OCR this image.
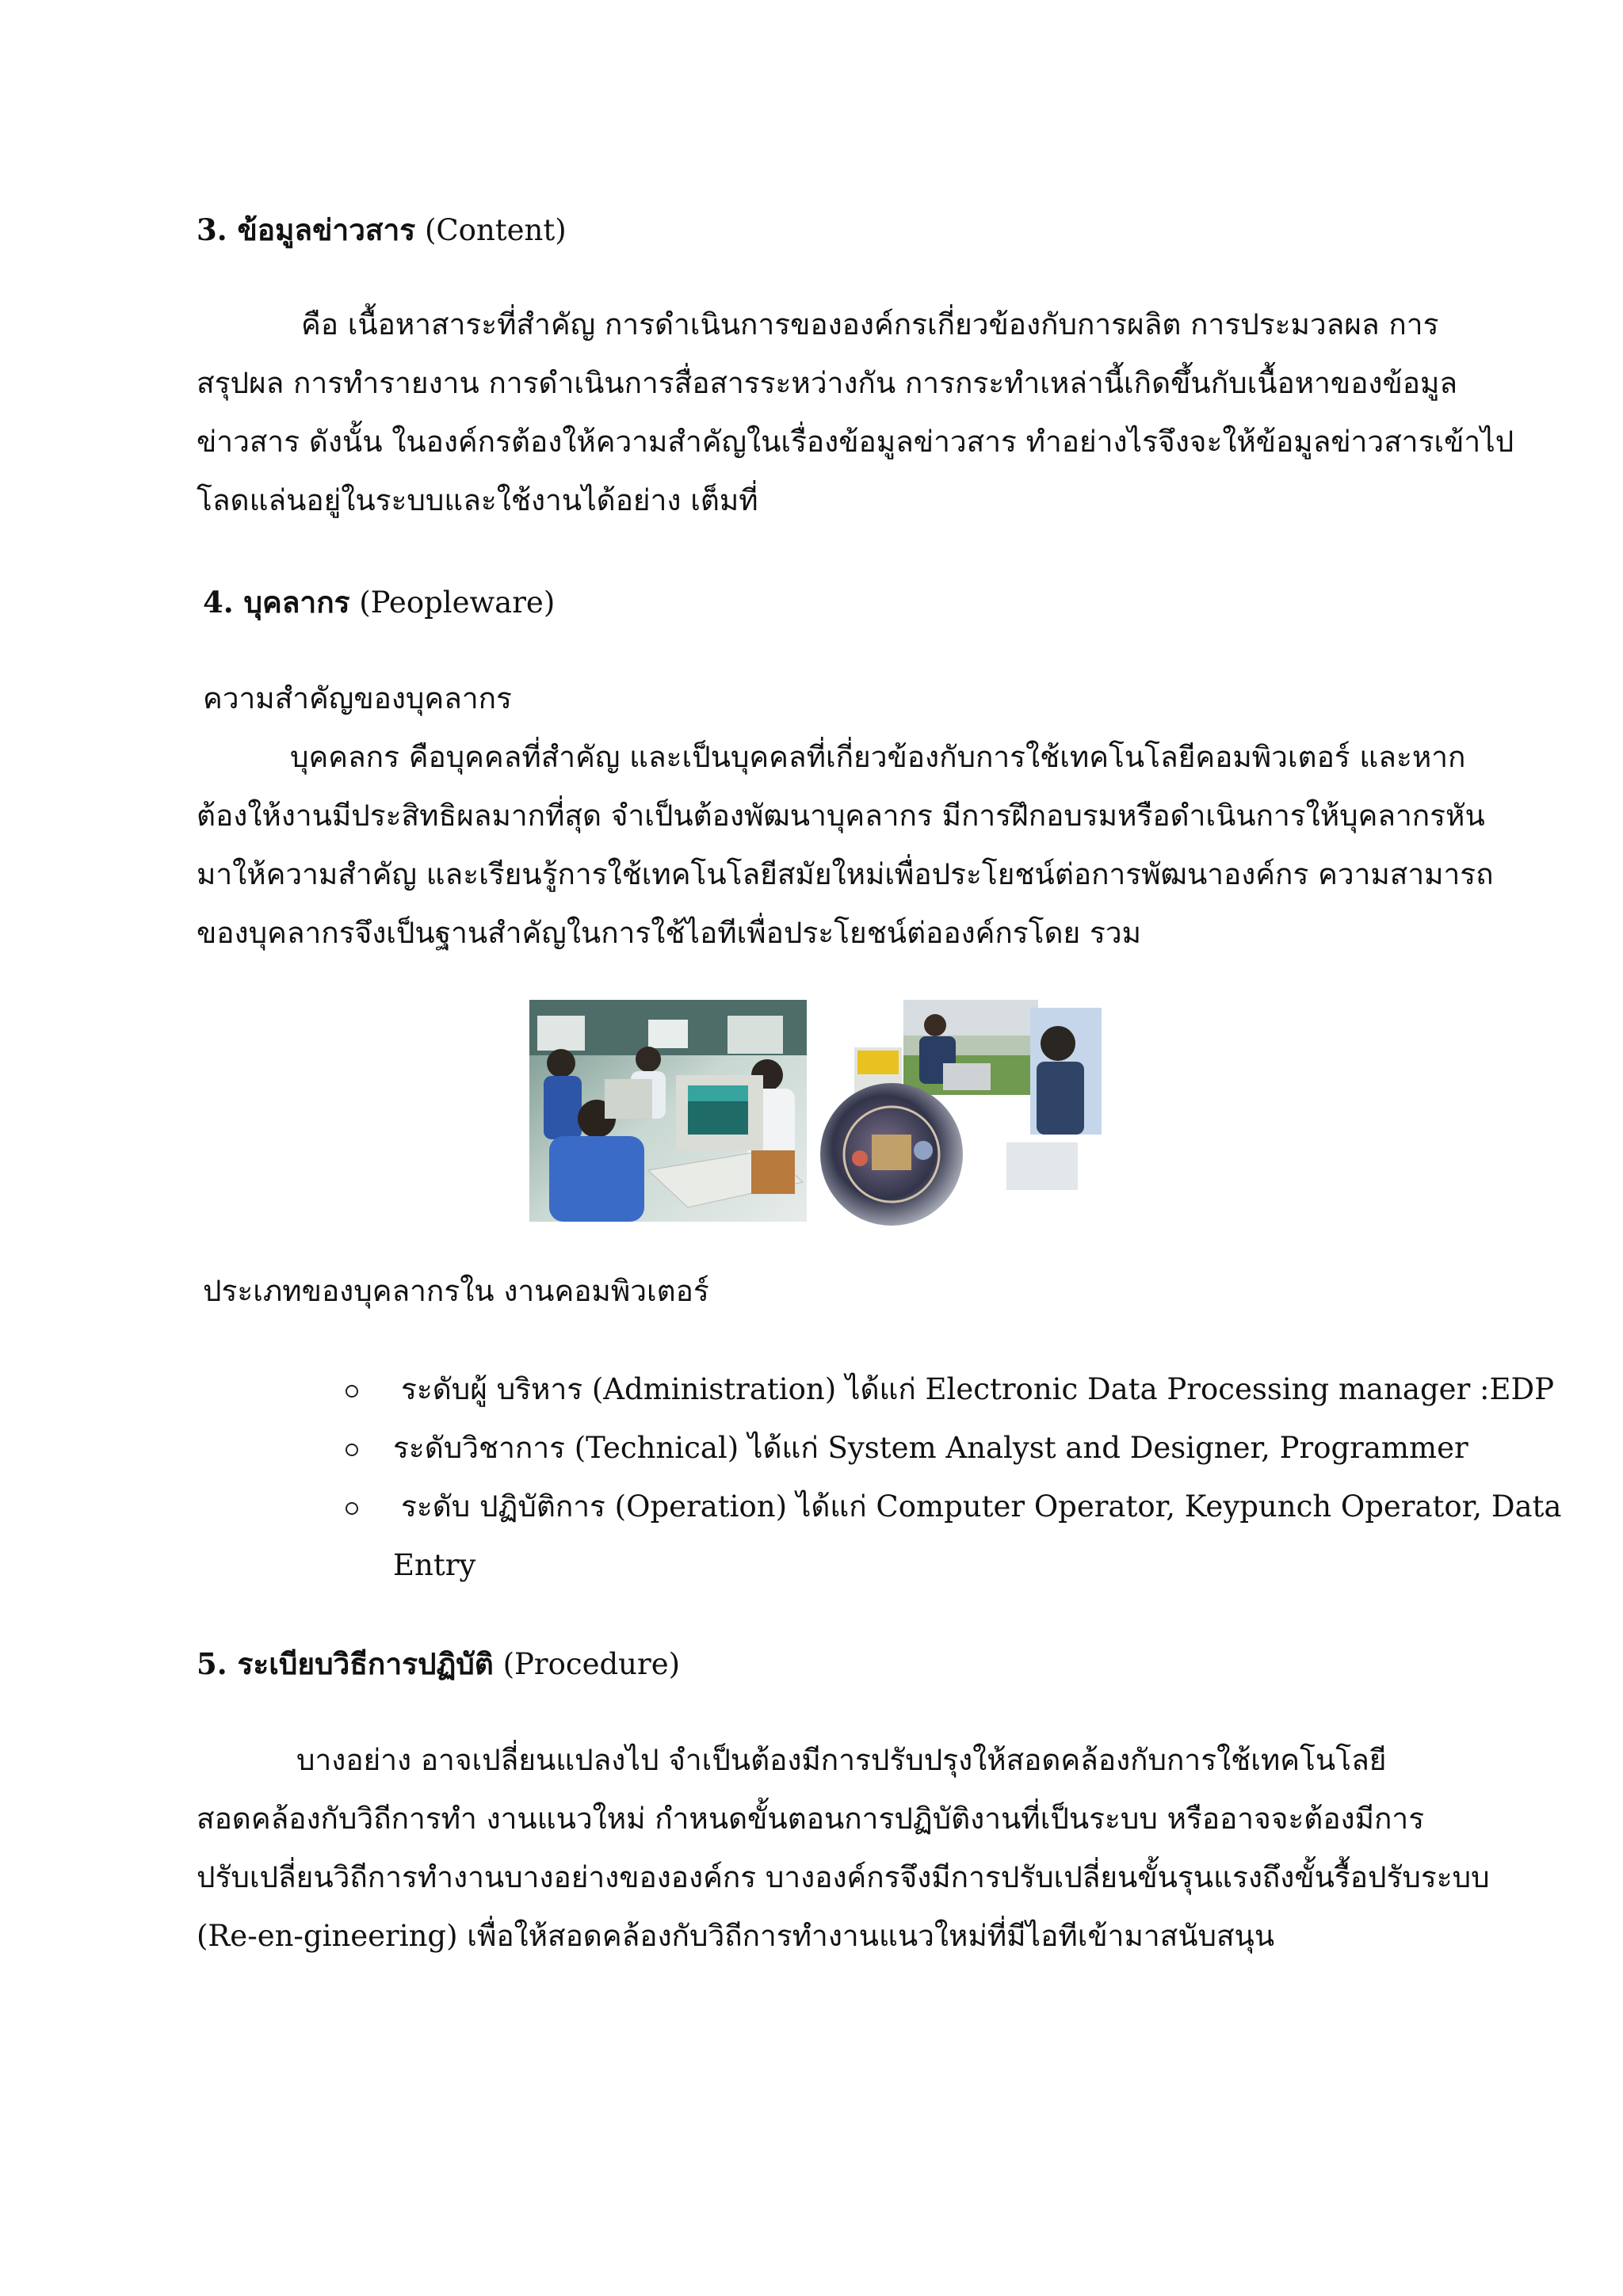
3. ข้อมูลข่าวสาร (Content)
คือ เนื้อหาสาระที่สำคัญ การดำเนินการขององค์กรเกี่ยวข้องกับการผลิต การประมวลผล การ
สรุปผล การทำรายงาน การดำเนินการสื่อสารระหว่างกัน การกระทำเหล่านี้เกิดขึ้นกับเนื้อหาของข้อมูล
ข่าวสาร ดังนั้น ในองค์กรต้องให้ความสำคัญในเรื่องข้อมูลข่าวสาร ทำอย่างไรจึงจะให้ข้อมูลข่าวสารเข้าไป
โลดแล่นอยู่ในระบบและใช้งานได้อย่าง เต็มที่
4. บุคลากร (Peopleware)
ความสำคัญของบุคลากร
บุคคลกร คือบุคคลที่สำคัญ และเป็นบุคคลที่เกี่ยวข้องกับการใช้เทคโนโลยีคอมพิวเตอร์ และหาก
ต้องให้งานมีประสิทธิผลมากที่สุด จำเป็นต้องพัฒนาบุคลากร มีการฝึกอบรมหรือดำเนินการให้บุคลากรหัน
มาให้ความสำคัญ และเรียนรู้การใช้เทคโนโลยีสมัยใหม่เพื่อประโยชน์ต่อการพัฒนาองค์กร ความสามารถ
ของบุคลากรจึงเป็นฐานสำคัญในการใช้ไอทีเพื่อประโยชน์ต่อองค์กรโดย รวม
ประเภทของบุคลากรใน งานคอมพิวเตอร์
ระดับผู้ บริหาร (Administration) ได้แก่ Electronic Data Processing manager :EDP
ระดับวิชาการ (Technical) ได้แก่ System Analyst and Designer, Programmer
ระดับ ปฏิบัติการ (Operation) ได้แก่ Computer Operator, Keypunch Operator, Data
Entry
5. ระเบียบวิธีการปฏิบัติ (Procedure)
บางอย่าง อาจเปลี่ยนแปลงไป จำเป็นต้องมีการปรับปรุงให้สอดคล้องกับการใช้เทคโนโลยี
สอดคล้องกับวิถีการทำ งานแนวใหม่ กำหนดขั้นตอนการปฏิบัติงานที่เป็นระบบ หรืออาจจะต้องมีการ
ปรับเปลี่ยนวิถีการทำงานบางอย่างขององค์กร บางองค์กรจึงมีการปรับเปลี่ยนขั้นรุนแรงถึงขั้นรื้อปรับระบบ
(Re-en-gineering) เพื่อให้สอดคล้องกับวิถีการทำงานแนวใหม่ที่มีไอทีเข้ามาสนับสนุน
